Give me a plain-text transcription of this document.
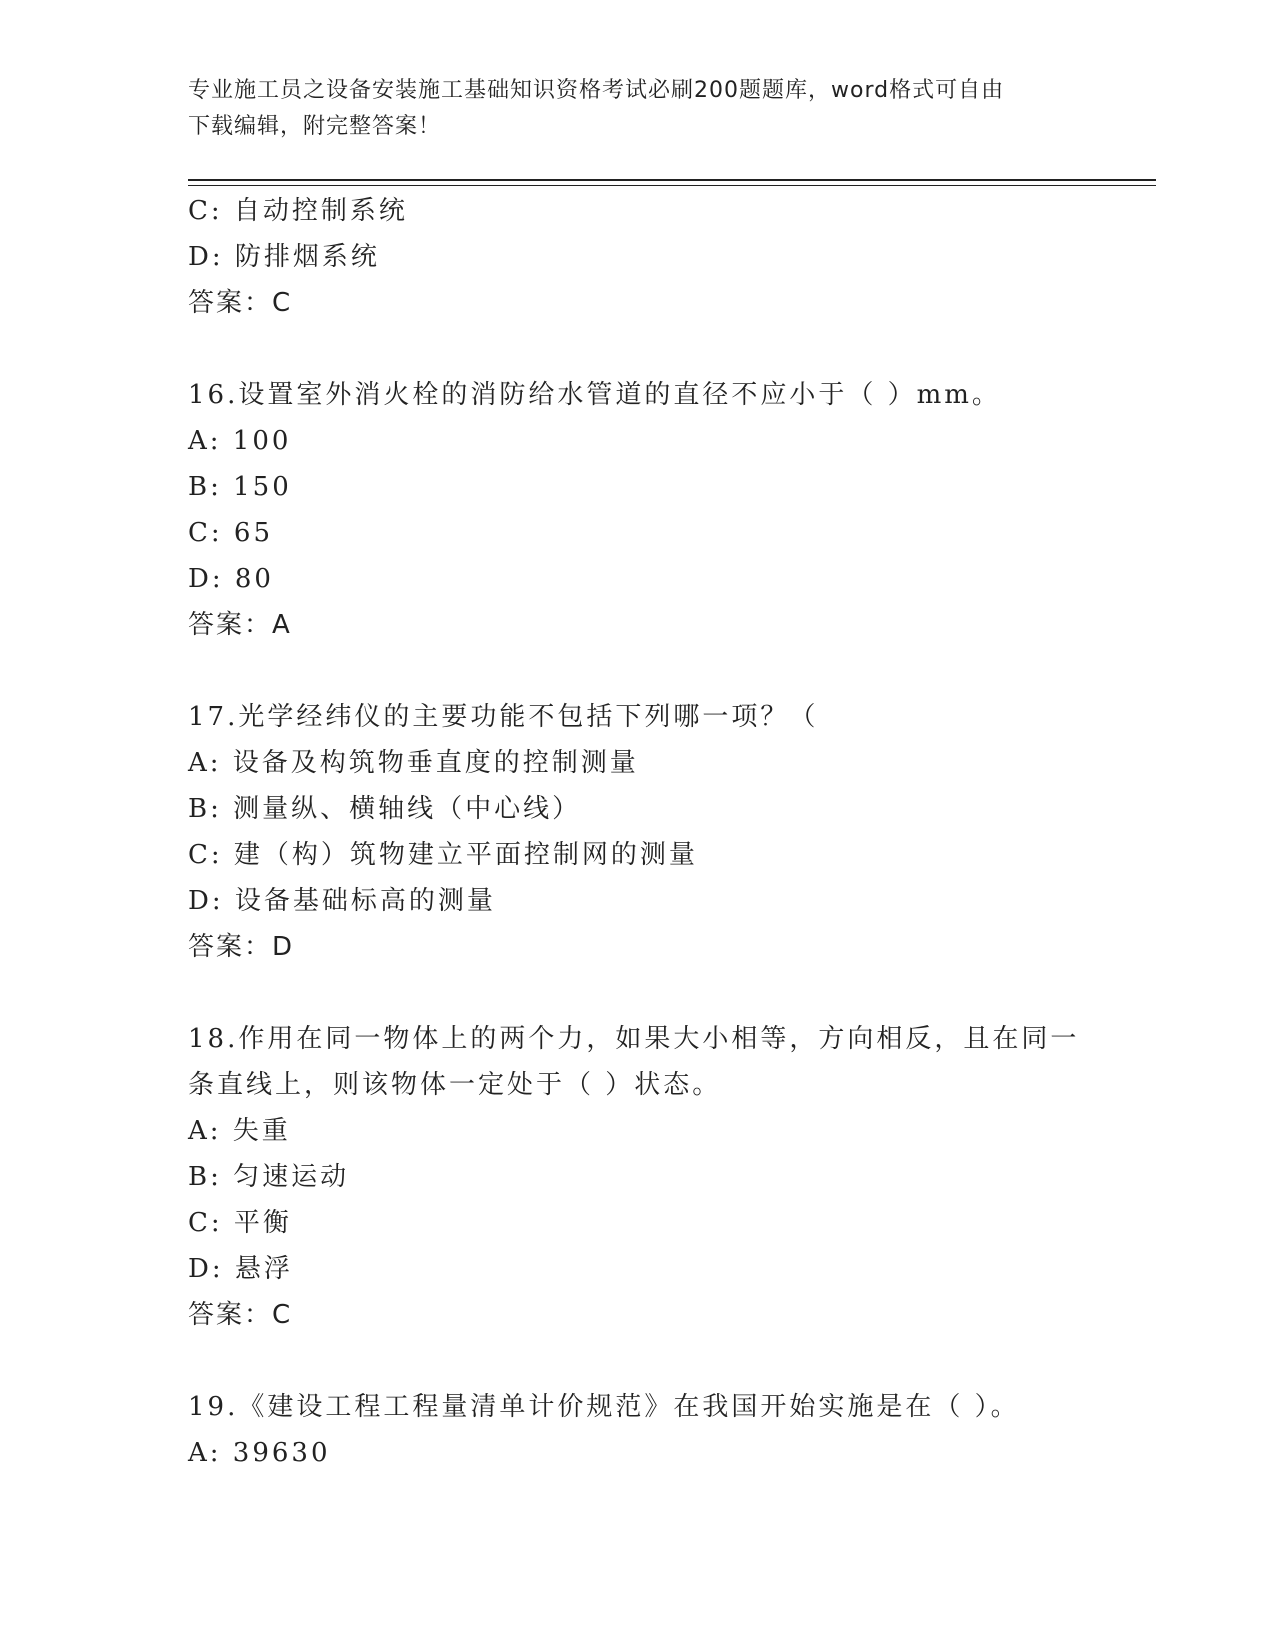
专业施工员之设备安装施工基础知识资格考试必刷200题题库，word格式可自由
下载编辑，附完整答案！
C: 自动控制系统
D: 防排烟系统
答案：C
16.设置室外消火栓的消防给水管道的直径不应小于（ ）mm。
A: 100
B: 150
C: 65
D: 80
答案：A
17.光学经纬仪的主要功能不包括下列哪一项？（
A: 设备及构筑物垂直度的控制测量
B: 测量纵、横轴线（中心线）
C: 建（构）筑物建立平面控制网的测量
D: 设备基础标高的测量
答案：D
18.作用在同一物体上的两个力，如果大小相等，方向相反，且在同一
条直线上，则该物体一定处于（ ）状态。
A: 失重
B: 匀速运动
C: 平衡
D: 悬浮
答案：C
19.《建设工程工程量清单计价规范》在我国开始实施是在（ ）。
A: 39630
